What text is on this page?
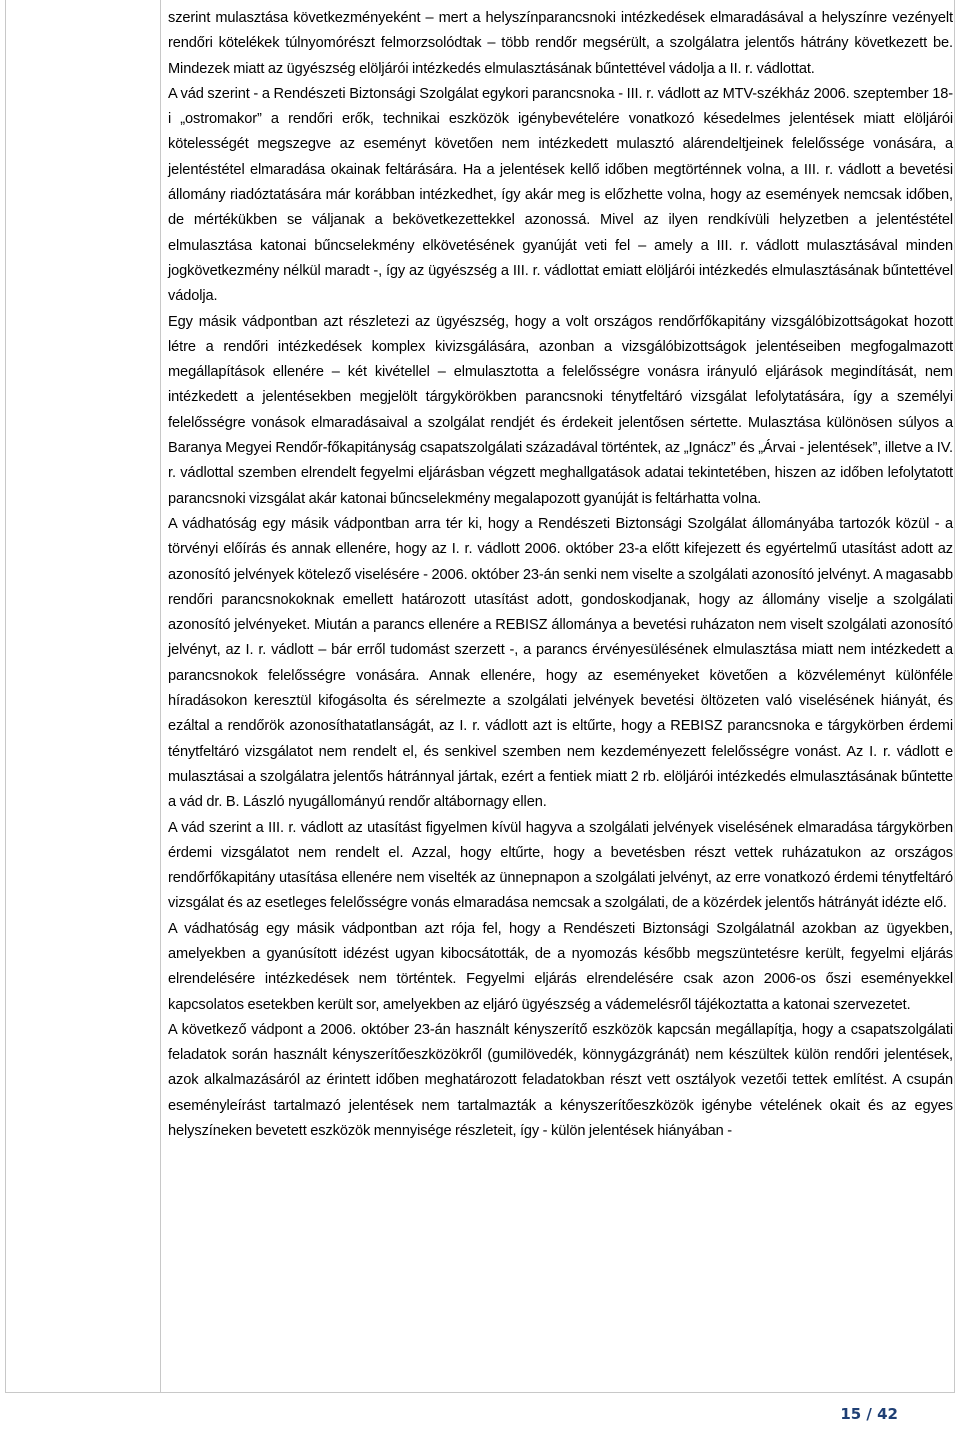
szerint mulasztása következményeként – mert a helyszínparancsnoki intézkedések elmaradásával a helyszínre vezényelt rendőri kötelékek túlnyomórészt felmorzsolódtak – több rendőr megsérült, a szolgálatra jelentős hátrány következett be. Mindezek miatt az ügyészség elöljárói intézkedés elmulasztásának bűntettével vádolja a II. r. vádlottat.

A vád szerint - a Rendészeti Biztonsági Szolgálat egykori parancsnoka - III. r. vádlott az MTV-székház 2006. szeptember 18-i „ostromakor” a rendőri erők, technikai eszközök igénybevételére vonatkozó késedelmes jelentések miatt elöljárói kötelességét megszegve az eseményt követően nem intézkedett mulasztó alárendeltjeinek felelőssége vonására, a jelentéstétel elmaradása okainak feltárására. Ha a jelentések kellő időben megtörténnek volna, a III. r. vádlott a bevetési állomány riadóztatására már korábban intézkedhet, így akár meg is előzhette volna, hogy az események nemcsak időben, de mértékükben se váljanak a bekövetkezettekkel azonossá. Mivel az ilyen rendkívüli helyzetben a jelentéstétel elmulasztása katonai bűncselekmény elkövetésének gyanúját veti fel – amely a III. r. vádlott mulasztásával minden jogkövetkezmény nélkül maradt -, így az ügyészség a III. r. vádlottat emiatt elöljárói intézkedés elmulasztásának bűntettével vádolja.

Egy másik vádpontban azt részletezi az ügyészség, hogy a volt országos rendőrfőkapitány vizsgálóbizottságokat hozott létre a rendőri intézkedések komplex kivizsgálására, azonban a vizsgálóbizottságok jelentéseiben megfogalmazott megállapítások ellenére – két kivétellel – elmulasztotta a felelősségre vonásra irányuló eljárások megindítását, nem intézkedett a jelentésekben megjelölt tárgykörökben parancsnoki ténytfeltáró vizsgálat lefolytatására, így a személyi felelősségre vonások elmaradásaival a szolgálat rendjét és érdekeit jelentősen sértette. Mulasztása különösen súlyos a Baranya Megyei Rendőr-főkapitányság csapatszolgálati századával történtek, az „Ignácz” és „Árvai - jelentések”, illetve a IV. r. vádlottal szemben elrendelt fegyelmi eljárásban végzett meghallgatások adatai tekintetében, hiszen az időben lefolytatott parancsnoki vizsgálat akár katonai bűncselekmény megalapozott gyanúját is feltárhatta volna.

A vádhatóság egy másik vádpontban arra tér ki, hogy a Rendészeti Biztonsági Szolgálat állományába tartozók közül - a törvényi előírás és annak ellenére, hogy az I. r. vádlott 2006. október 23-a előtt kifejezett és egyértelmű utasítást adott az azonosító jelvények kötelező viselésére - 2006. október 23-án senki nem viselte a szolgálati azonosító jelvényt. A magasabb rendőri parancsnokoknak emellett határozott utasítást adott, gondoskodjanak, hogy az állomány viselje a szolgálati azonosító jelvényeket. Miután a parancs ellenére a REBISZ állománya a bevetési ruházaton nem viselt szolgálati azonosító jelvényt, az I. r. vádlott – bár erről tudomást szerzett -, a parancs érvényesülésének elmulasztása miatt nem intézkedett a parancsnokok felelősségre vonására. Annak ellenére, hogy az eseményeket követően a közvéleményt különféle híradásokon keresztül kifogásolta és sérelmezte a szolgálati jelvények bevetési öltözeten való viselésének hiányát, és ezáltal a rendőrök azonosíthatatlanságát, az I. r. vádlott azt is eltűrte, hogy a REBISZ parancsnoka e tárgykörben érdemi ténytfeltáró vizsgálatot nem rendelt el, és senkivel szemben nem kezdeményezett felelősségre vonást. Az I. r. vádlott e mulasztásai a szolgálatra jelentős hátránnyal jártak, ezért a fentiek miatt 2 rb. elöljárói intézkedés elmulasztásának bűntette a vád dr. B. László nyugállományú rendőr altábornagy ellen.

A vád szerint a III. r. vádlott az utasítást figyelmen kívül hagyva a szolgálati jelvények viselésének elmaradása tárgykörben érdemi vizsgálatot nem rendelt el. Azzal, hogy eltűrte, hogy a bevetésben részt vettek ruházatukon az országos rendőrfőkapitány utasítása ellenére nem viselték az ünnepnapon a szolgálati jelvényt, az erre vonatkozó érdemi ténytfeltáró vizsgálat és az esetleges felelősségre vonás elmaradása nemcsak a szolgálati, de a közérdek jelentős hátrányát idézte elő.

A vádhatóság egy másik vádpontban azt rója fel, hogy a Rendészeti Biztonsági Szolgálatnál azokban az ügyekben, amelyekben a gyanúsított idézést ugyan kibocsátották, de a nyomozás később megszüntetésre került, fegyelmi eljárás elrendelésére intézkedések nem történtek. Fegyelmi eljárás elrendelésére csak azon 2006-os őszi eseményekkel kapcsolatos esetekben került sor, amelyekben az eljáró ügyészség a vádemelésről tájékoztatta a katonai szervezetet.

A következő vádpont a 2006. október 23-án használt kényszerítő eszközök kapcsán megállapítja, hogy a csapatszolgálati feladatok során használt kényszerítőeszközökről (gumilövedék, könnygázgránát) nem készültek külön rendőri jelentések, azok alkalmazásáról az érintett időben meghatározott feladatokban részt vett osztályok vezetői tettek említést. A csupán eseményleírást tartalmazó jelentések nem tartalmazták a kényszerítőeszközök igénybe vételének okait és az egyes helyszíneken bevetett eszközök mennyisége részleteit, így - külön jelentések hiányában -

15 / 42
